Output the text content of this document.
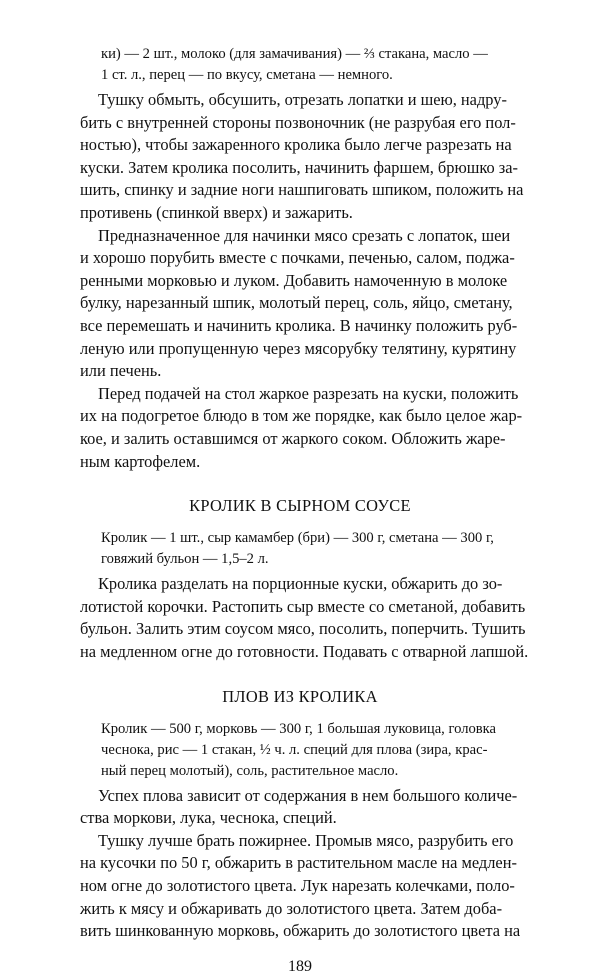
ки) — 2 шт., молоко (для замачивания) — ⅔ стакана, масло —

1 ст. л., перец — по вкусу, сметана — немного.

Тушку обмыть, обсушить, отрезать лопатки и шею, надру-

бить с внутренней стороны позвоночник (не разрубая его пол-

ностью), чтобы зажаренного кролика было легче разрезать на

куски. Затем кролика посолить, начинить фаршем, брюшко за-

шить, спинку и задние ноги нашпиговать шпиком, положить на

противень (спинкой вверх) и зажарить.

Предназначенное для начинки мясо срезать с лопаток, шеи

и хорошо порубить вместе с почками, печенью, салом, поджа-

ренными морковью и луком. Добавить намоченную в молоке

булку, нарезанный шпик, молотый перец, соль, яйцо, сметану,

все перемешать и начинить кролика. В начинку положить руб-

леную или пропущенную через мясорубку телятину, курятину

или печень.

Перед подачей на стол жаркое разрезать на куски, положить

их на подогретое блюдо в том же порядке, как было целое жар-

кое, и залить оставшимся от жаркого соком. Обложить жаре-

ным картофелем.

КРОЛИК В СЫРНОМ СОУСЕ

Кролик — 1 шт., сыр камамбер (бри) — 300 г, сметана — 300 г,

говяжий бульон — 1,5–2 л.

Кролика разделать на порционные куски, обжарить до зо-

лотистой корочки. Растопить сыр вместе со сметаной, добавить

бульон. Залить этим соусом мясо, посолить, поперчить. Тушить

на медленном огне до готовности. Подавать с отварной лапшой.

ПЛОВ ИЗ КРОЛИКА

Кролик — 500 г, морковь — 300 г, 1 большая луковица, головка

чеснока, рис — 1 стакан, ½ ч. л. специй для плова (зира, крас-

ный перец молотый), соль, растительное масло.

Успех плова зависит от содержания в нем большого количе-

ства моркови, лука, чеснока, специй.

Тушку лучше брать пожирнее. Промыв мясо, разрубить его

на кусочки по 50 г, обжарить в растительном масле на медлен-

ном огне до золотистого цвета. Лук нарезать колечками, поло-

жить к мясу и обжаривать до золотистого цвета. Затем доба-

вить шинкованную морковь, обжарить до золотистого цвета на

189
